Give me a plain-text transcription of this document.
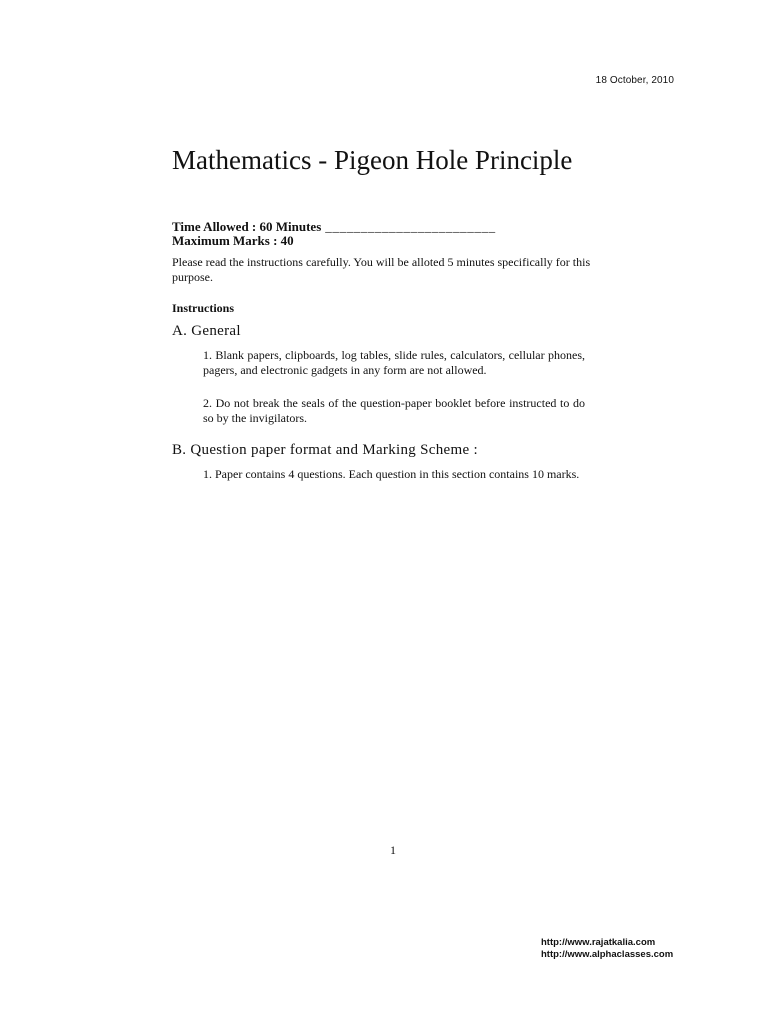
18 October, 2010
Mathematics - Pigeon Hole Principle
Time Allowed : 60 Minutes ________________________
Maximum Marks : 40

Please read the instructions carefully. You will be alloted 5 minutes specifically for this purpose.

Instructions
A. General

1. Blank papers, clipboards, log tables, slide rules, calculators, cellular phones, pagers, and electronic gadgets in any form are not allowed.

2. Do not break the seals of the question-paper booklet before instructed to do so by the invigilators.

B. Question paper format and Marking Scheme :

1. Paper contains 4 questions. Each question in this section contains 10 marks.

1
http://www.rajatkalia.com
http://www.alphaclasses.com
